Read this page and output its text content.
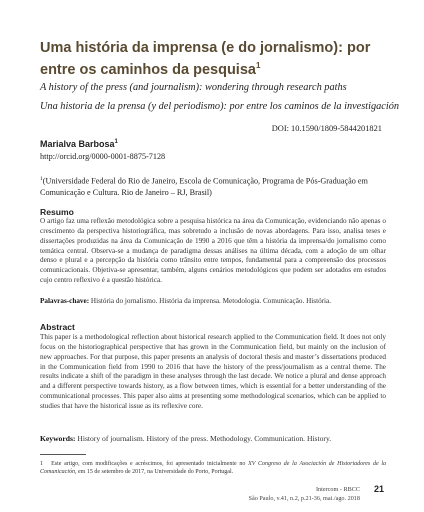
Uma história da imprensa (e do jornalismo): por entre os caminhos da pesquisa$^1$

A history of the press (and journalism): wondering through research paths

Una historia de la prensa (y del periodismo): por entre los caminos de la investigación

DOI: 10.1590/1809-5844201821

Marialva Barbosa$^1$

http://orcid.org/0000-0001-8875-7128

$^1$(Universidade Federal do Rio de Janeiro, Escola de Comunicação, Programa de Pós-Graduação em Comunicação e Cultura. Rio de Janeiro – RJ, Brasil)

Resumo

O artigo faz uma reflexão metodológica sobre a pesquisa histórica na área da Comunicação, evidenciando não apenas o crescimento da perspectiva historiográfica, mas sobretudo a inclusão de novas abordagens. Para isso, analisa teses e dissertações produzidas na área da Comunicação de 1990 a 2016 que têm a história da imprensa/do jornalismo como temática central. Observa-se a mudança de paradigma dessas análises na última década, com a adoção de um olhar denso e plural e a percepção da história como trânsito entre tempos, fundamental para a compreensão dos processos comunicacionais. Objetiva-se apresentar, também, alguns cenários metodológicos que podem ser adotados em estudos cujo centro reflexivo é a questão histórica.

Palavras-chave: História do jornalismo. História da imprensa. Metodologia. Comunicação. História.

Abstract

This paper is a methodological reflection about historical research applied to the Communication field. It does not only focus on the historiographical perspective that has grown in the Communication field, but mainly on the inclusion of new approaches. For that purpose, this paper presents an analysis of doctoral thesis and master’s dissertations produced in the Communication field from 1990 to 2016 that have the history of the press/journalism as a central theme. The results indicate a shift of the paradigm in these analyses through the last decade. We notice a plural and dense approach and a different perspective towards history, as a flow between times, which is essential for a better understanding of the communicational processes. This paper also aims at presenting some methodological scenarios, which can be applied to studies that have the historical issue as its reflexive core.

Keywords: History of journalism. History of the press. Methodology. Communication. History.

1 Este artigo, com modificações e acréscimos, foi apresentado inicialmente no XV Congreso de la Asociación de Historiadores de la Comunicación, em 15 de setembro de 2017, na Universidade do Porto, Portugal.

Intercom - RBCC
São Paulo, v.41, n.2, p.21-36, mai./ago. 2018
21
